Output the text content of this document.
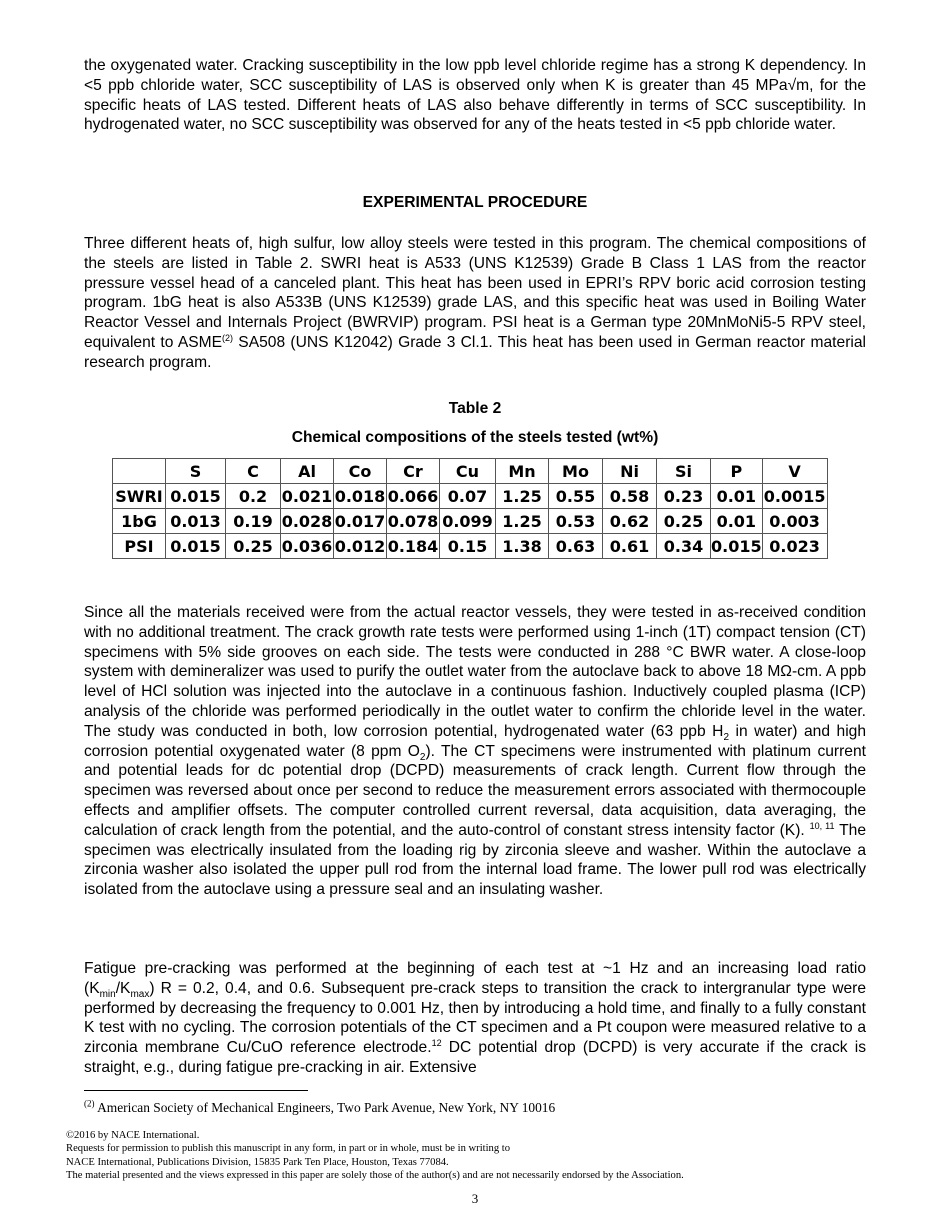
the oxygenated water. Cracking susceptibility in the low ppb level chloride regime has a strong K dependency. In <5 ppb chloride water, SCC susceptibility of LAS is observed only when K is greater than 45 MPa√m, for the specific heats of LAS tested. Different heats of LAS also behave differently in terms of SCC susceptibility. In hydrogenated water, no SCC susceptibility was observed for any of the heats tested in <5 ppb chloride water.

EXPERIMENTAL PROCEDURE

Three different heats of, high sulfur, low alloy steels were tested in this program. The chemical compositions of the steels are listed in Table 2. SWRI heat is A533 (UNS K12539) Grade B Class 1 LAS from the reactor pressure vessel head of a canceled plant. This heat has been used in EPRI’s RPV boric acid corrosion testing program. 1bG heat is also A533B (UNS K12539) grade LAS, and this specific heat was used in Boiling Water Reactor Vessel and Internals Project (BWRVIP) program. PSI heat is a German type 20MnMoNi5-5 RPV steel, equivalent to ASME$^{(2)}$ SA508 (UNS K12042) Grade 3 Cl.1. This heat has been used in German reactor material research program.

Table 2

Chemical compositions of the steels tested (wt%)

	S	C	Al	Co	Cr	Cu	Mn	Mo	Ni	Si	P	V
SWRI	0.015	0.2	0.021	0.018	0.066	0.07	1.25	0.55	0.58	0.23	0.01	0.0015
1bG	0.013	0.19	0.028	0.017	0.078	0.099	1.25	0.53	0.62	0.25	0.01	0.003
PSI	0.015	0.25	0.036	0.012	0.184	0.15	1.38	0.63	0.61	0.34	0.015	0.023

Since all the materials received were from the actual reactor vessels, they were tested in as-received condition with no additional treatment. The crack growth rate tests were performed using 1-inch (1T) compact tension (CT) specimens with 5% side grooves on each side. The tests were conducted in 288 °C BWR water. A close-loop system with demineralizer was used to purify the outlet water from the autoclave back to above 18 MΩ-cm. A ppb level of HCl solution was injected into the autoclave in a continuous fashion. Inductively coupled plasma (ICP) analysis of the chloride was performed periodically in the outlet water to confirm the chloride level in the water. The study was conducted in both, low corrosion potential, hydrogenated water (63 ppb $H_2$ in water) and high corrosion potential oxygenated water (8 ppm $O_2$). The CT specimens were instrumented with platinum current and potential leads for dc potential drop (DCPD) measurements of crack length. Current flow through the specimen was reversed about once per second to reduce the measurement errors associated with thermocouple effects and amplifier offsets. The computer controlled current reversal, data acquisition, data averaging, the calculation of crack length from the potential, and the auto-control of constant stress intensity factor (K). $^{10, 11}$ The specimen was electrically insulated from the loading rig by zirconia sleeve and washer. Within the autoclave a zirconia washer also isolated the upper pull rod from the internal load frame. The lower pull rod was electrically isolated from the autoclave using a pressure seal and an insulating washer.

Fatigue pre-cracking was performed at the beginning of each test at ~1 Hz and an increasing load ratio $(K_{min}/K_{max}) R = 0.2$, 0.4, and 0.6. Subsequent pre-crack steps to transition the crack to intergranular type were performed by decreasing the frequency to 0.001 Hz, then by introducing a hold time, and finally to a fully constant K test with no cycling. The corrosion potentials of the CT specimen and a Pt coupon were measured relative to a zirconia membrane Cu/CuO reference electrode.$^{12}$ DC potential drop (DCPD) is very accurate if the crack is straight, e.g., during fatigue pre-cracking in air. Extensive

$^{(2)}$ American Society of Mechanical Engineers, Two Park Avenue, New York, NY 10016
©2016 by NACE International.
Requests for permission to publish this manuscript in any form, in part or in whole, must be in writing to
NACE International, Publications Division, 15835 Park Ten Place, Houston, Texas 77084.
The material presented and the views expressed in this paper are solely those of the author(s) and are not necessarily endorsed by the Association.
3
